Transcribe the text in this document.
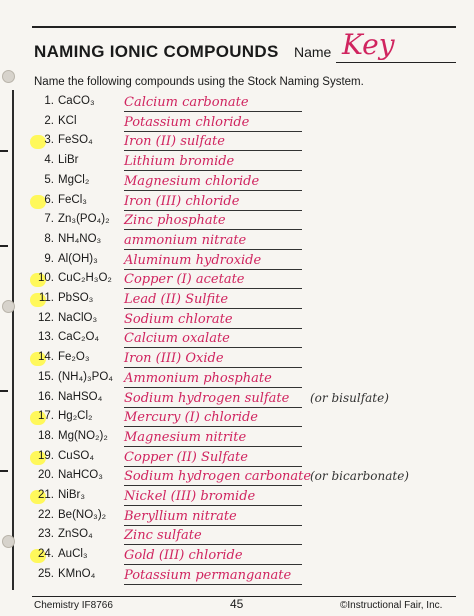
NAMING IONIC COMPOUNDS Name Key
Name the following compounds using the Stock Naming System.
1. CaCO₃ Calcium carbonate
2. KCl	Potassium chloride
3. FeSO₄ Iron (II) sulfate
4. LiBr	Lithium bromide
5. MgCl₂	Magnesium chloride
6. FeCl₃	Iron (III) chloride
7. Zn₃(PO₄)₂ Zinc phosphate
8. NH₄NO₃ ammonium nitrate
9. Al(OH)₃ Aluminum hydroxide
10. CuC₂H₃O₂ Copper (I) acetate
11. PbSO₃ Lead (II) Sulfite
12. NaClO₃ Sodium chlorate
13. CaC₂O₄ Calcium oxalate
14. Fe₂O₃	Iron (III) Oxide
15. (NH₄)₃PO₄ Ammonium phosphate
16. NaHSO₄ Sodium hydrogen sulfate (or bisulfate)
17. Hg₂Cl₂ Mercury (I) chloride
18. Mg(NO₂)₂ Magnesium nitrite
19. CuSO₄ Copper (II) Sulfate
20. NaHCO₃ Sodium hydrogen carbonate
(or bicarbonate)
21. NiBr₃	Nickel (III) bromide
22. Be(NO₃)₂ Beryllium nitrate
23. ZnSO₄ Zinc sulfate
24. AuCl₃	Gold (III) chloride
25. KMnO₄ Potassium permanganate
Chemistry IF8766	45	©Instructional Fair, Inc.
